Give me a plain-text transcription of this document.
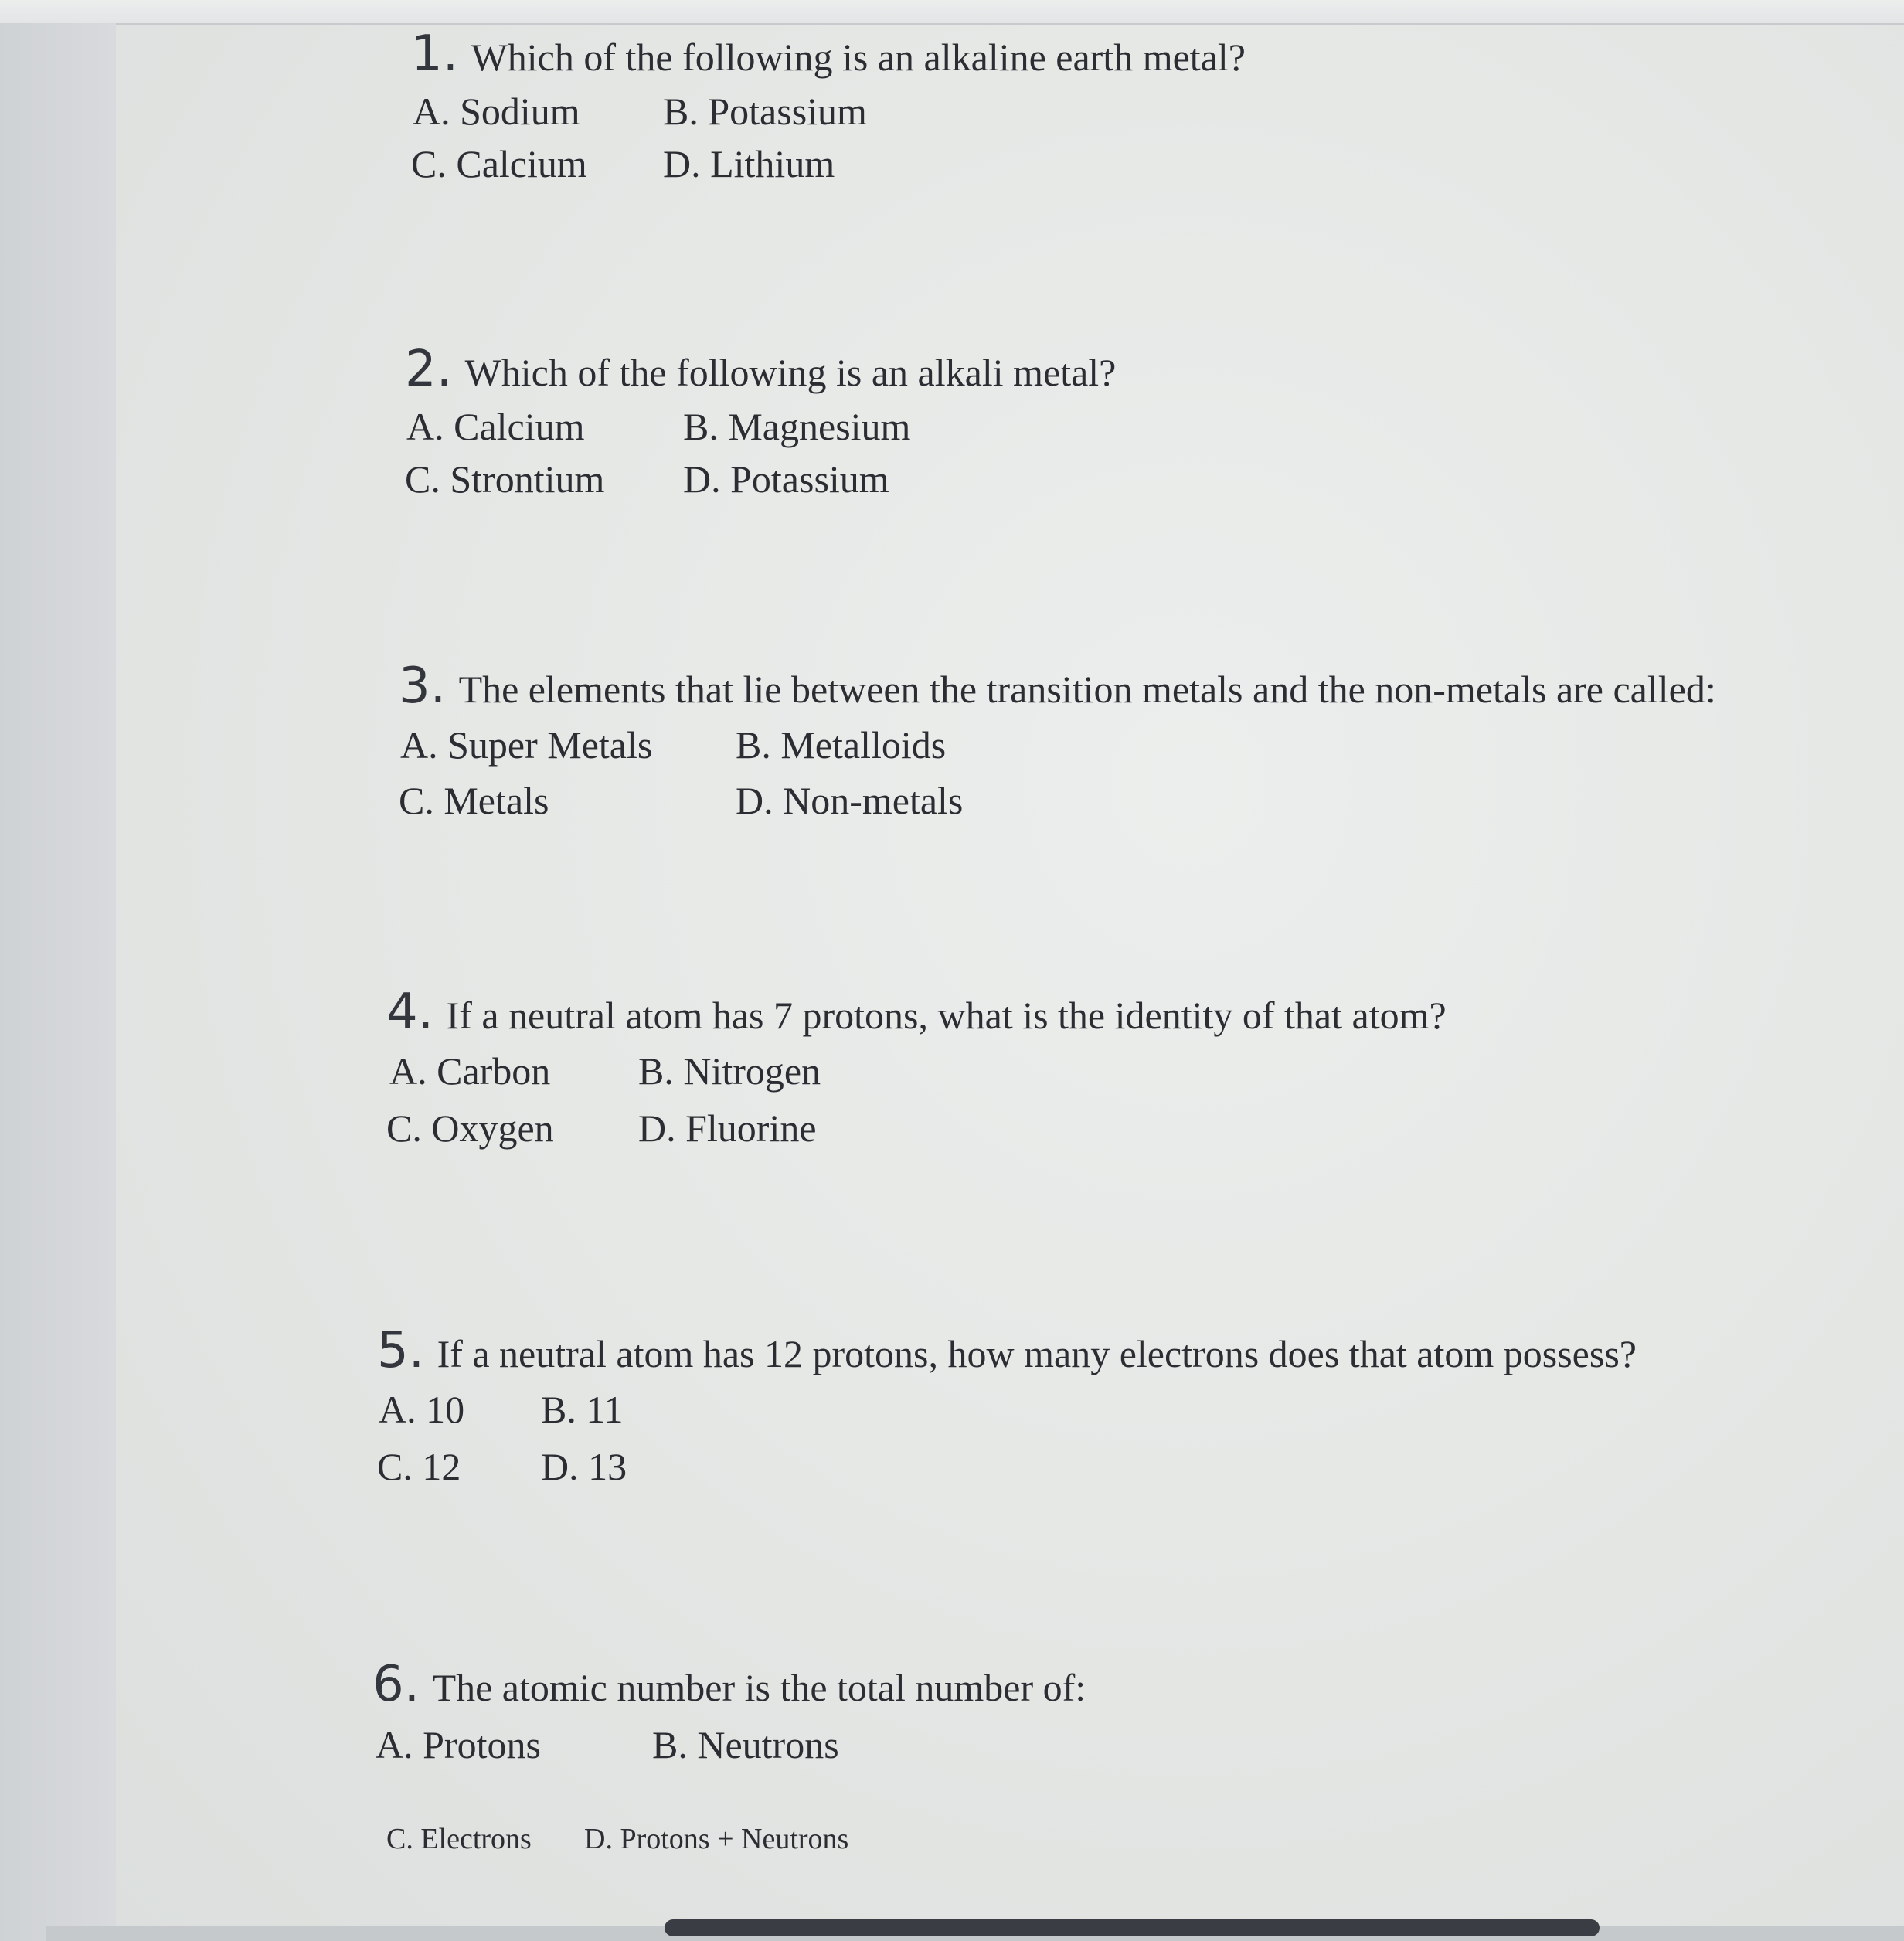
1. Which of the following is an alkaline earth metal?
A. Sodium B. Potassium
C. Calcium D. Lithium
2. Which of the following is an alkali metal?
A. Calcium	B. Magnesium
C. Strontium D. Potassium
3. The elements that lie between the transition metals and the non-metals are called:
A. Super Metals B. Metalloids
C. Metals	D. Non-metals
4. If a neutral atom has 7 protons, what is the identity of that atom?
A. Carbon B. Nitrogen
C. Oxygen D. Fluorine
5. If a neutral atom has 12 protons, how many electrons does that atom possess?
A. 10 B. 11
C. 12 D. 13
6. The atomic number is the total number of:
A. Protons	B. Neutrons
C. Electrons D. Protons + Neutrons
